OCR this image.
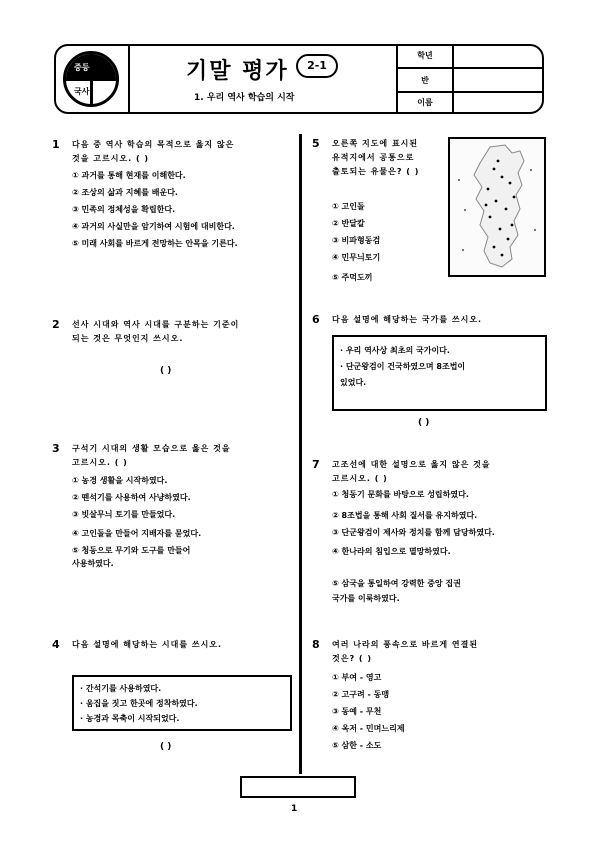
중등
국사
기말 평가	2-1
1. 우리 역사 학습의 시작
학년
반
이름
1 다음 중 역사 학습의 목적으로 옳지 않은
것을 고르시오. ( )
① 과거를 통해 현재를 이해한다.
② 조상의 삶과 지혜를 배운다.
③ 민족의 정체성을 확립한다.
④ 과거의 사실만을 암기하여 시험에 대비한다.
⑤ 미래 사회를 바르게 전망하는 안목을 기른다.
2 선사 시대와 역사 시대를 구분하는 기준이
되는 것은 무엇인지 쓰시오.
( )
3 구석기 시대의 생활 모습으로 옳은 것을
고르시오. ( )
① 농경 생활을 시작하였다.
② 뗀석기를 사용하여 사냥하였다.
③ 빗살무늬 토기를 만들었다.
④ 고인돌을 만들어 지배자를 묻었다.
⑤ 청동으로 무기와 도구를 만들어
사용하였다.
4 다음 설명에 해당하는 시대를 쓰시오.
· 간석기를 사용하였다.
· 움집을 짓고 한곳에 정착하였다.
· 농경과 목축이 시작되었다.
( )
5 오른쪽 지도에 표시된
유적지에서 공통으로
출토되는 유물은? ( )
① 고인돌
② 반달칼
③ 비파형동검
④ 민무늬토기
⑤ 주먹도끼
6 다음 설명에 해당하는 국가를 쓰시오.
· 우리 역사상 최초의 국가이다.
· 단군왕검이 건국하였으며 8조법이
있었다.
( )
7 고조선에 대한 설명으로 옳지 않은 것을
고르시오. ( )
① 청동기 문화를 바탕으로 성립하였다.
② 8조법을 통해 사회 질서를 유지하였다.
③ 단군왕검이 제사와 정치를 함께 담당하였다.
④ 한나라의 침입으로 멸망하였다.
⑤ 삼국을 통일하여 강력한 중앙 집권
국가를 이룩하였다.
8 여러 나라의 풍속으로 바르게 연결된
것은? ( )
① 부여 - 영고
② 고구려 - 동맹
③ 동예 - 무천
④ 옥저 - 민며느리제
⑤ 삼한 - 소도
1
